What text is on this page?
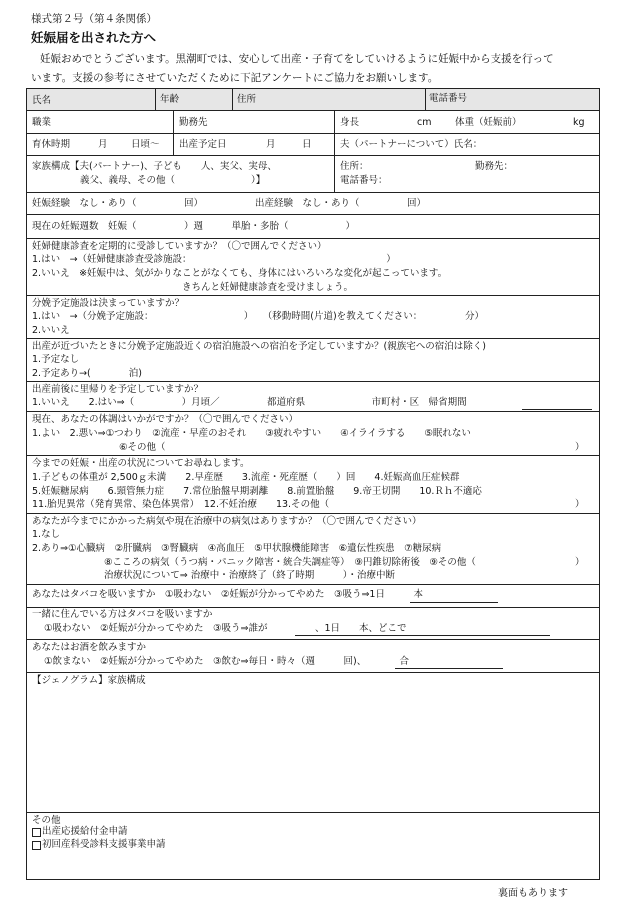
様式第２号（第４条関係）
妊娠届を出された方へ
妊娠おめでとうございます。黒潮町では、安心して出産・子育てをしていけるように妊娠中から支援を行って
います。支援の参考にさせていただくために下記アンケートにご協力をお願いします。
氏名	年齢	住所	電話番号
職業	勤務先	身長	cm 体重（妊娠前）	kg
育休時期	月 日頃～ 出産予定日	月	日	夫（パートナーについて）氏名：
家族構成【夫(パートナー)、子ども　　人、実父、実母、
義父、義母、その他（　　　　　　　　）】
住所：	勤務先：
電話番号：
妊娠経験　なし・あり（　　　　　回）	出産経験　なし・あり（　　　　　回）
現在の妊娠週数　妊娠（　　　　　）週　　　単胎・多胎（　　　　　　）
妊婦健康診査を定期的に受診していますか？（〇で囲んでください）
1.はい　→（妊婦健康診査受診施設：　　　　　　　　　　　　　　　　　　　　　）
2.いいえ　※妊娠中は、気がかりなことがなくても、身体にはいろいろな変化が起こっています。
きちんと妊婦健康診査を受けましょう。
分娩予定施設は決まっていますか？
1.はい　→（分娩予定施設：　　　　　　　　　　）　　（移動時間(片道)を教えてください：　　　　　分）
2.いいえ
出産が近づいたときに分娩予定施設近くの宿泊施設への宿泊を予定していますか？(親族宅への宿泊は除く)
1.予定なし
2.予定あり→(　　　　泊)
出産前後に里帰りを予定していますか？
1.いいえ　　2.はい⇒（　　　　　）月頃／　　　　　都道府県　　　　　　　市町村・区　帰省期間
現在、あなたの体調はいかがですか？（〇で囲んでください）
1.よい　2.悪い⇒①つわり　②流産・早産のおそれ　　③疲れやすい　　④イライラする　　⑤眠れない
⑥その他（	）
今までの妊娠・出産の状況についてお尋ねします。
1.子どもの体重が 2,500ｇ未満　　2.早産歴　　3.流産・死産歴（　　）回　　4.妊娠高血圧症候群
5.妊娠糖尿病　　6.頸管無力症　　7.常位胎盤早期剥離　　8.前置胎盤　　9.帝王切開　　10.Ｒｈ不適応
11.胎児異常（発育異常、染色体異常）　12.不妊治療　　13.その他（	）
あなたが今までにかかった病気や現在治療中の病気はありますか？（〇で囲んでください）
1.なし
2.あり⇒①心臓病　②肝臓病　③腎臓病　④高血圧　⑤甲状腺機能障害　⑥遺伝性疾患　⑦糖尿病
⑧こころの病気（うつ病・パニック障害・統合失調症等）　⑨円錐切除術後　⑨その他（	）
治療状況について⇒ 治療中・治療終了（終了時期　　　）・治療中断
あなたはタバコを吸いますか　①吸わない　②妊娠が分かってやめた　③吸う⇒1日　　　本
一緒に住んでいる方はタバコを吸いますか
①吸わない　②妊娠が分かってやめた　③吸う⇒誰が　　　　　、1日　　本、どこで
あなたはお酒を飲みますか
①飲まない　②妊娠が分かってやめた　③飲む⇒毎日・時々（週　　　回)、　　　　合
【ジェノグラム】家族構成
その他
出産応援給付金申請
初回産科受診料支援事業申請
裏面もあります
